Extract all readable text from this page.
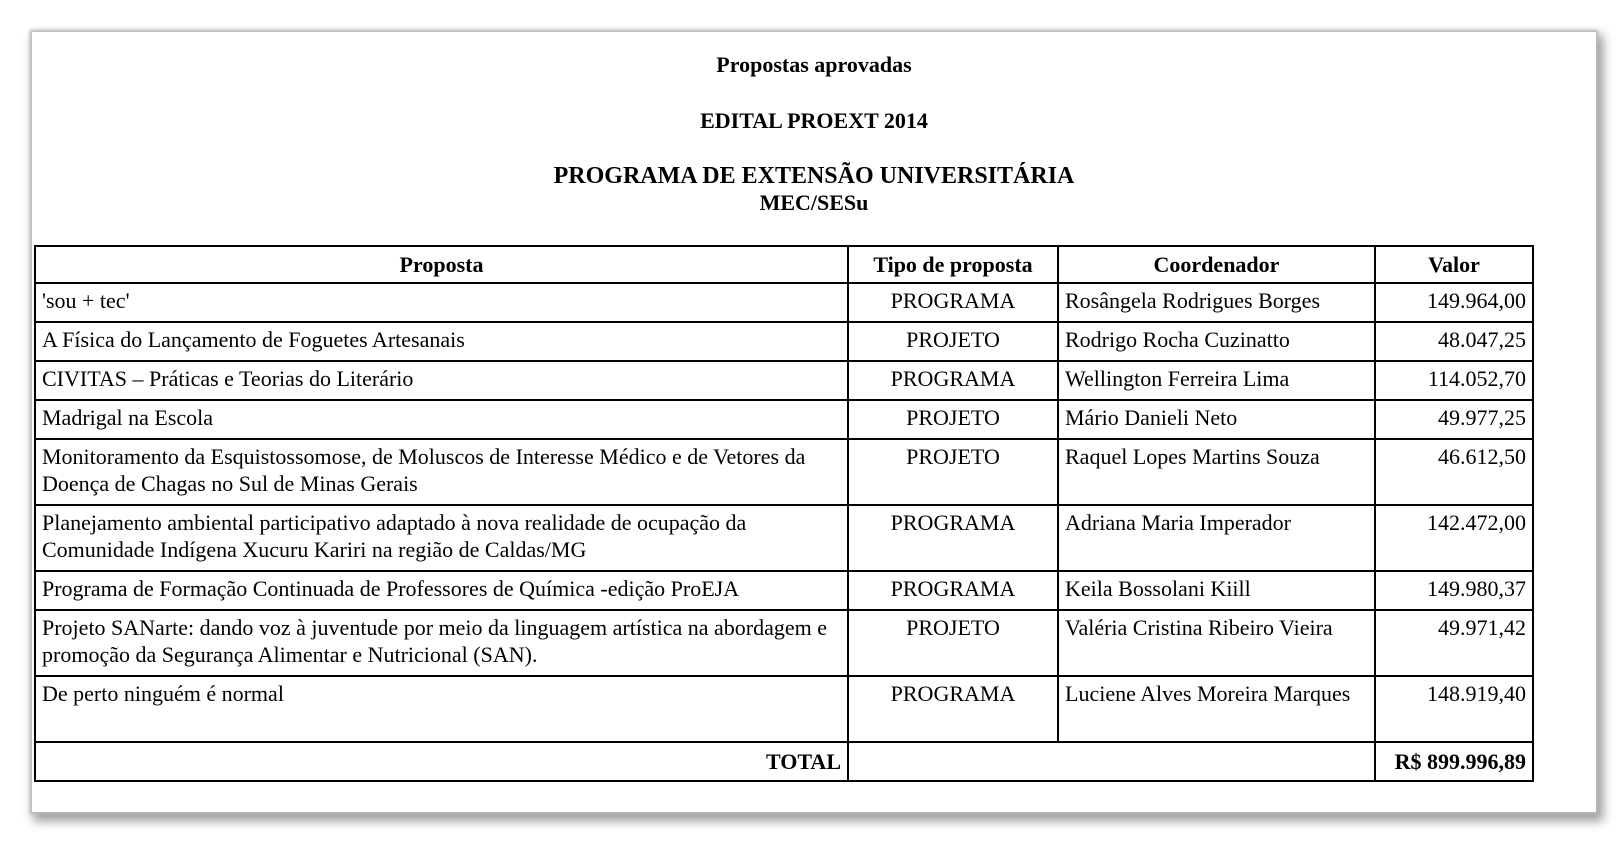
Propostas aprovadas
EDITAL PROEXT 2014
PROGRAMA DE EXTENSÃO UNIVERSITÁRIA
MEC/SESu
Proposta	Tipo de proposta	Coordenador	Valor
'sou + tec'	PROGRAMA	Rosângela Rodrigues Borges	149.964,00
A Física do Lançamento de Foguetes Artesanais	PROJETO	Rodrigo Rocha Cuzinatto	48.047,25
CIVITAS – Práticas e Teorias do Literário	PROGRAMA	Wellington Ferreira Lima	114.052,70
Madrigal na Escola	PROJETO	Mário Danieli Neto	49.977,25
Monitoramento da Esquistossomose, de Moluscos de Interesse Médico e de Vetores da Doença de Chagas no Sul de Minas Gerais	PROJETO	Raquel Lopes Martins Souza	46.612,50
Planejamento ambiental participativo adaptado à nova realidade de ocupação da Comunidade Indígena Xucuru Kariri na região de Caldas/MG	PROGRAMA	Adriana Maria Imperador	142.472,00
Programa de Formação Continuada de Professores de Química -edição ProEJA	PROGRAMA	Keila Bossolani Kiill	149.980,37
Projeto SANarte: dando voz à juventude por meio da linguagem artística na abordagem e promoção da Segurança Alimentar e Nutricional (SAN).	PROJETO	Valéria Cristina Ribeiro Vieira	49.971,42
De perto ninguém é normal	PROGRAMA	Luciene Alves Moreira Marques	148.919,40
TOTAL			R$ 899.996,89
